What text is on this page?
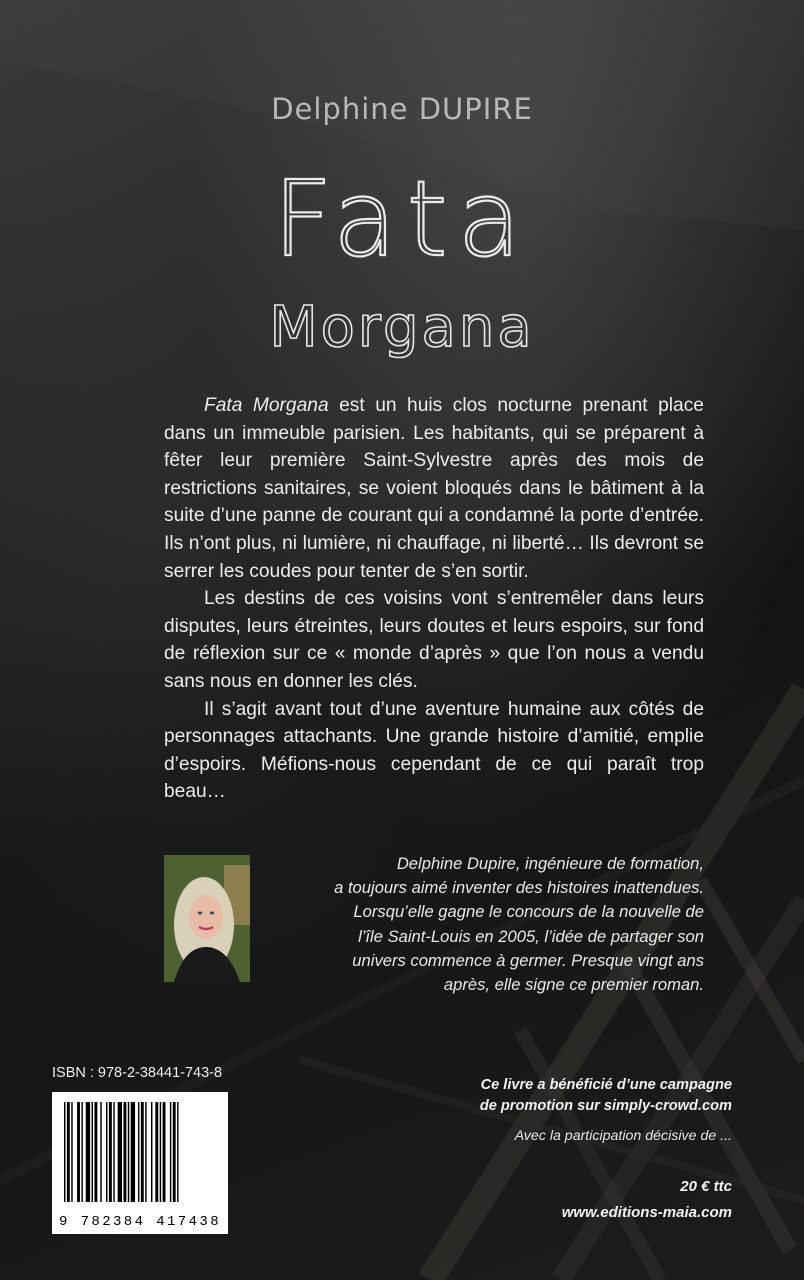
Delphine DUPIRE
Fata
Morgana

Fata Morgana est un huis clos nocturne prenant place dans un immeuble parisien. Les habitants, qui se préparent à fêter leur première Saint-Sylvestre après des mois de restrictions sanitaires, se voient bloqués dans le bâtiment à la suite d’une panne de courant qui a condamné la porte d’entrée. Ils n’ont plus, ni lumière, ni chauffage, ni liberté… Ils devront se serrer les coudes pour tenter de s’en sortir.

Les destins de ces voisins vont s’entremêler dans leurs disputes, leurs étreintes, leurs doutes et leurs espoirs, sur fond de réflexion sur ce « monde d’après » que l’on nous a vendu sans nous en donner les clés.

Il s’agit avant tout d’une aventure humaine aux côtés de personnages attachants. Une grande histoire d’amitié, emplie d’espoirs. Méfions-nous cependant de ce qui paraît trop beau…

Delphine Dupire, ingénieure de formation,
a toujours aimé inventer des histoires inattendues.
Lorsqu’elle gagne le concours de la nouvelle de
l’île Saint-Louis en 2005, l’idée de partager son
univers commence à germer. Presque vingt ans
après, elle signe ce premier roman.
ISBN : 978-2-38441-743-8
9 782384 417438
Ce livre a bénéficié d’une campagne
de promotion sur simply-crowd.com
Avec la participation décisive de ...
20 € ttc
www.editions-maia.com
